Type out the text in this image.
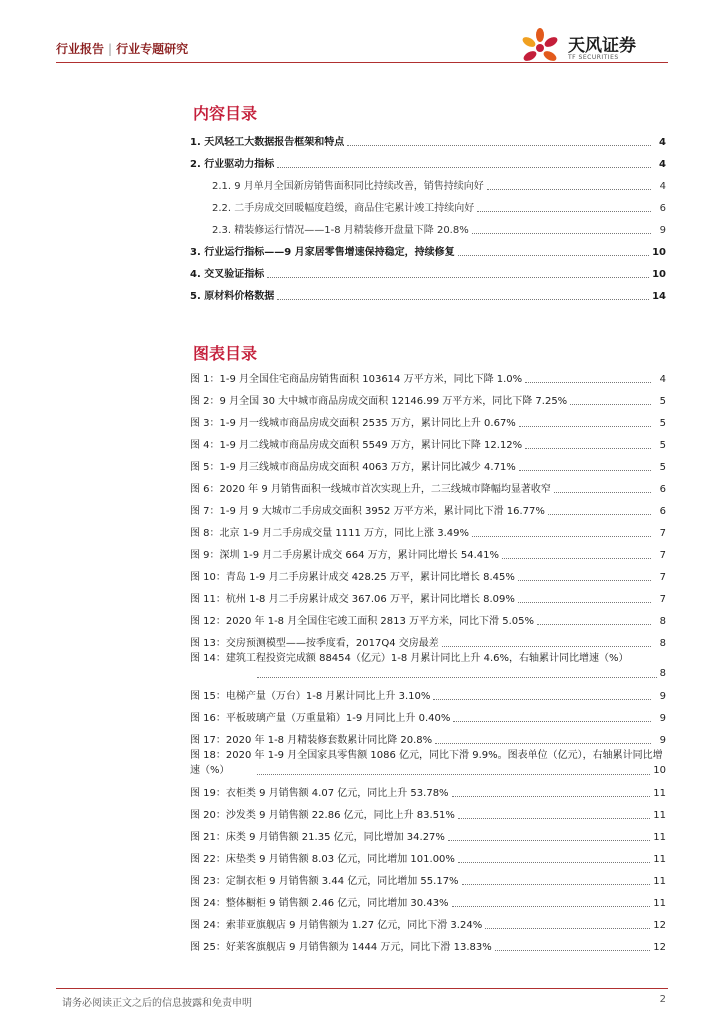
行业报告 | 行业专题研究	天风证券
TF SECURITIES
内容目录
1. 天风轻工大数据报告框架和特点	4
2. 行业驱动力指标	4
2.1. 9 月单月全国新房销售面积同比持续改善，销售持续向好	4
2.2. 二手房成交回暖幅度趋缓，商品住宅累计竣工持续向好	6
2.3. 精装修运行情况——1-8 月精装修开盘量下降 20.8%	9
3. 行业运行指标——9 月家居零售增速保持稳定，持续修复	10
4. 交叉验证指标	10
5. 原材料价格数据	14
图表目录
图 1：1-9 月全国住宅商品房销售面积 103614 万平方米，同比下降 1.0%	4
图 2：9 月全国 30 大中城市商品房成交面积 12146.99 万平方米，同比下降 7.25%	5
图 3：1-9 月一线城市商品房成交面积 2535 万方，累计同比上升 0.67%	5
图 4：1-9 月二线城市商品房成交面积 5549 万方，累计同比下降 12.12%	5
图 5：1-9 月三线城市商品房成交面积 4063 万方，累计同比减少 4.71%	5
图 6：2020 年 9 月销售面积一线城市首次实现上升，二三线城市降幅均显著收窄	6
图 7：1-9 月 9 大城市二手房成交面积 3952 万平方米，累计同比下滑 16.77%	6
图 8：北京 1-9 月二手房成交量 1111 万方，同比上涨 3.49%	7
图 9：深圳 1-9 月二手房累计成交 664 万方，累计同比增长 54.41%	7
图 10：青岛 1-9 月二手房累计成交 428.25 万平，累计同比增长 8.45%	7
图 11：杭州 1-8 月二手房累计成交 367.06 万平，累计同比增长 8.09%	7
图 12：2020 年 1-8 月全国住宅竣工面积 2813 万平方米，同比下滑 5.05%	8
图 13：交房预测模型——按季度看，2017Q4 交房最差	8
图 14：建筑工程投资完成额 88454（亿元）1-8 月累计同比上升 4.6%，右轴累计同比增速（%）
8
图 15：电梯产量（万台）1-8 月累计同比上升 3.10%	9
图 16：平板玻璃产量（万重量箱）1-9 月同比上升 0.40%	9
图 17：2020 年 1-8 月精装修套数累计同比降 20.8%	9
图 18：2020 年 1-9 月全国家具零售额 1086 亿元，同比下滑 9.9%。图表单位（亿元），右轴累计同比增速（%）	10
图 19：衣柜类 9 月销售额 4.07 亿元，同比上升 53.78%	11
图 20：沙发类 9 月销售额 22.86 亿元，同比上升 83.51%	11
图 21：床类 9 月销售额 21.35 亿元，同比增加 34.27%	11
图 22：床垫类 9 月销售额 8.03 亿元，同比增加 101.00%	11
图 23：定制衣柜 9 月销售额 3.44 亿元，同比增加 55.17%	11
图 24：整体橱柜 9 销售额 2.46 亿元，同比增加 30.43%	11
图 24：索菲亚旗舰店 9 月销售额为 1.27 亿元，同比下滑 3.24%	12
图 25：好莱客旗舰店 9 月销售额为 1444 万元，同比下滑 13.83%	12
请务必阅读正文之后的信息披露和免责申明	2
